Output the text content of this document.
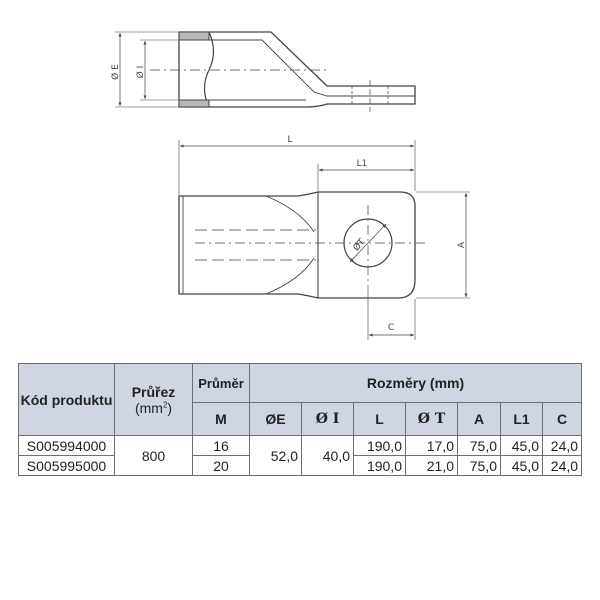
Ø E Ø I
L
L1
ØT	A
C
Kód produktu	Průřez
$(mm^2)$	Průměr	Rozměry (mm)						
		M	ØE	Ø I	L	Ø T	A	L1	C
S005994000	800	16	52,0	40,0	190,0	17,0	75,0	45,0	24,0
S005995000		20			190,0	21,0	75,0	45,0	24,0
